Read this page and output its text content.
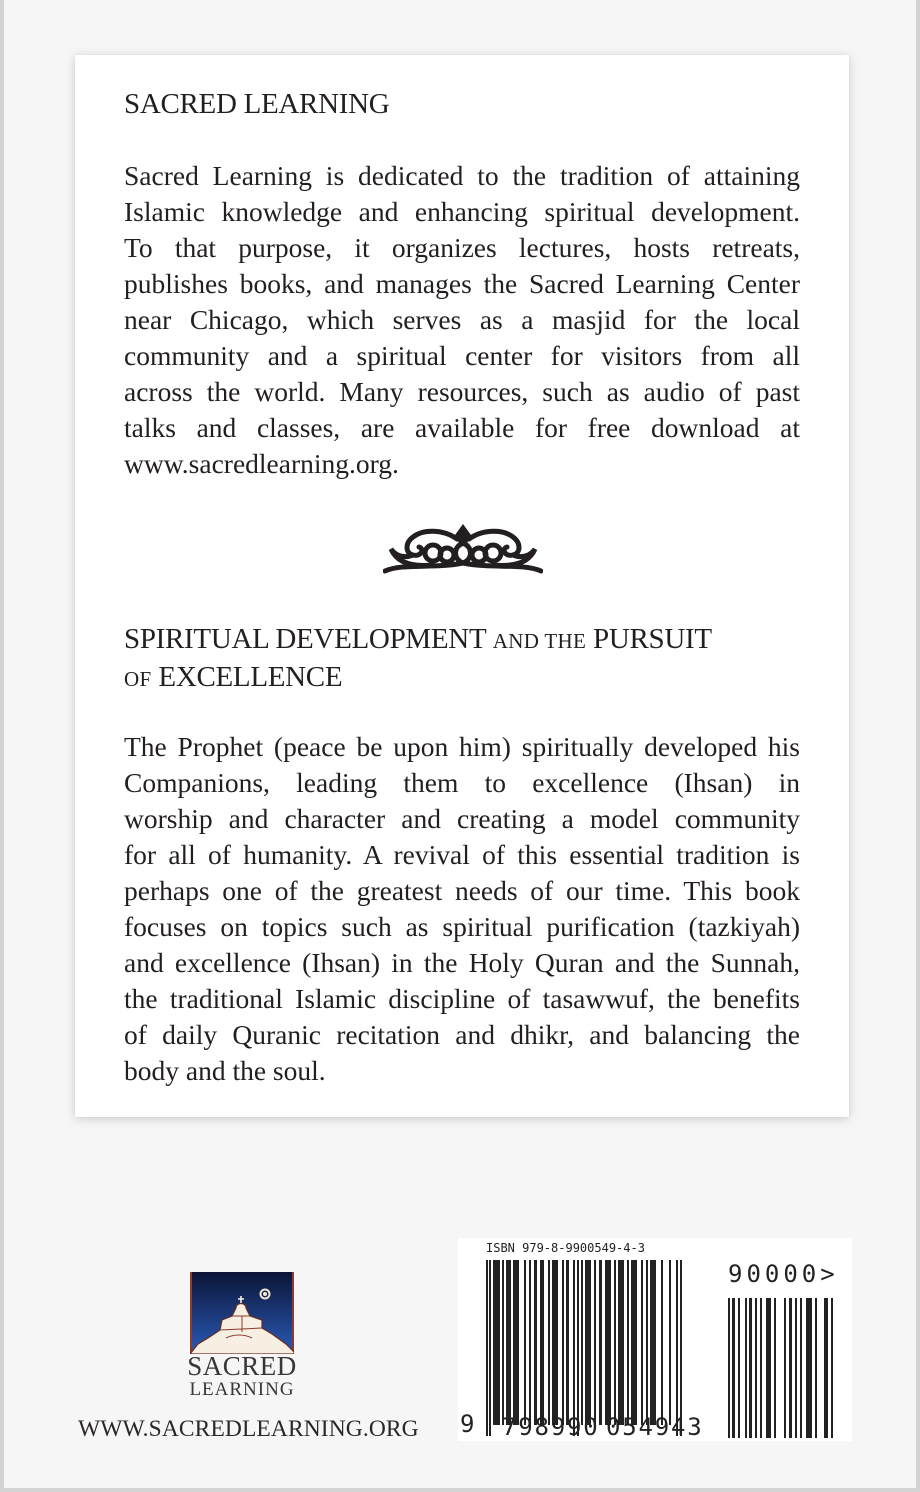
SACRED LEARNING
Sacred Learning is dedicated to the tradition of attaining
Islamic knowledge and enhancing spiritual development.
To that purpose, it organizes lectures, hosts retreats,
publishes books, and manages the Sacred Learning Center
near Chicago, which serves as a masjid for the local
community and a spiritual center for visitors from all
across the world. Many resources, such as audio of past
talks and classes, are available for free download at
www.sacredlearning.org.
SPIRITUAL DEVELOPMENT AND THE PURSUIT
OF EXCELLENCE
The Prophet (peace be upon him) spiritually developed his
Companions, leading them to excellence (Ihsan) in
worship and character and creating a model community
for all of humanity. A revival of this essential tradition is
perhaps one of the greatest needs of our time. This book
focuses on topics such as spiritual purification (tazkiyah)
and excellence (Ihsan) in the Holy Quran and the Sunnah,
the traditional Islamic discipline of tasawwuf, the benefits
of daily Quranic recitation and dhikr, and balancing the
body and the soul.
SACRED
LEARNING
WWW.SACREDLEARNING.ORG
ISBN 979-8-9900549-4-3
90000>
9 798990 054943
